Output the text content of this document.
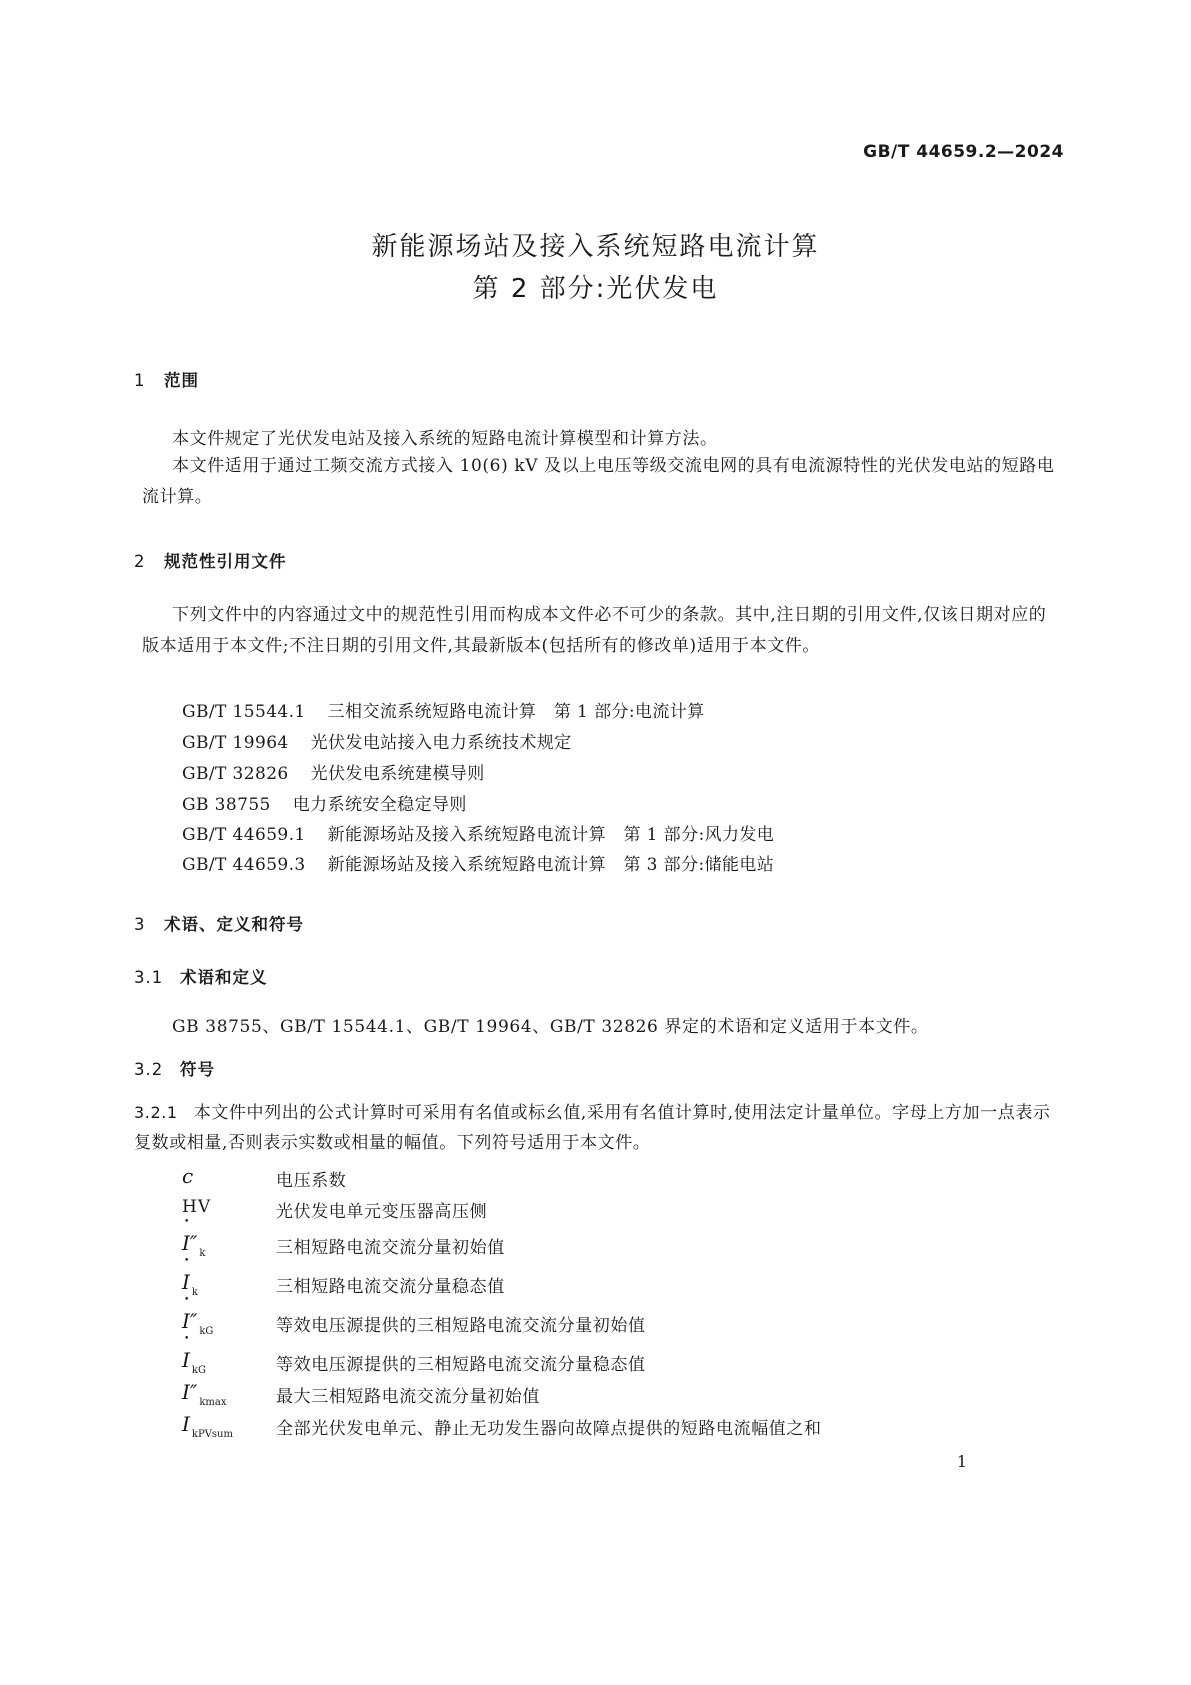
GB/T 44659.2—2024
新能源场站及接入系统短路电流计算
第 2 部分:光伏发电
1 范围
本文件规定了光伏发电站及接入系统的短路电流计算模型和计算方法。
本文件适用于通过工频交流方式接入 10(6) kV 及以上电压等级交流电网的具有电流源特性的光伏发电站的短路电流计算。
2 规范性引用文件
下列文件中的内容通过文中的规范性引用而构成本文件必不可少的条款。其中,注日期的引用文件,仅该日期对应的版本适用于本文件;不注日期的引用文件,其最新版本(包括所有的修改单)适用于本文件。
GB/T 15544.1 三相交流系统短路电流计算　第 1 部分:电流计算
GB/T 19964 光伏发电站接入电力系统技术规定
GB/T 32826 光伏发电系统建模导则
GB 38755 电力系统安全稳定导则
GB/T 44659.1 新能源场站及接入系统短路电流计算　第 1 部分:风力发电
GB/T 44659.3 新能源场站及接入系统短路电流计算　第 3 部分:储能电站
3 术语、定义和符号
3.1 术语和定义
GB 38755、GB/T 15544.1、GB/T 19964、GB/T 32826 界定的术语和定义适用于本文件。
3.2 符号
3.2.1 本文件中列出的公式计算时可采用有名值或标幺值,采用有名值计算时,使用法定计量单位。字母上方加一点表示复数或相量,否则表示实数或相量的幅值。下列符号适用于本文件。
c	电压系数
HV	光伏发电单元变压器高压侧
• I″ $_k$	三相短路电流交流分量初始值
• I $_k$	三相短路电流交流分量稳态值
• I″ $_{kG}$	等效电压源提供的三相短路电流交流分量初始值
• I $_{kG}$	等效电压源提供的三相短路电流交流分量稳态值
I″ $_{kmax}$	最大三相短路电流交流分量初始值
I $_{kPVsum}$	全部光伏发电单元、静止无功发生器向故障点提供的短路电流幅值之和
1
